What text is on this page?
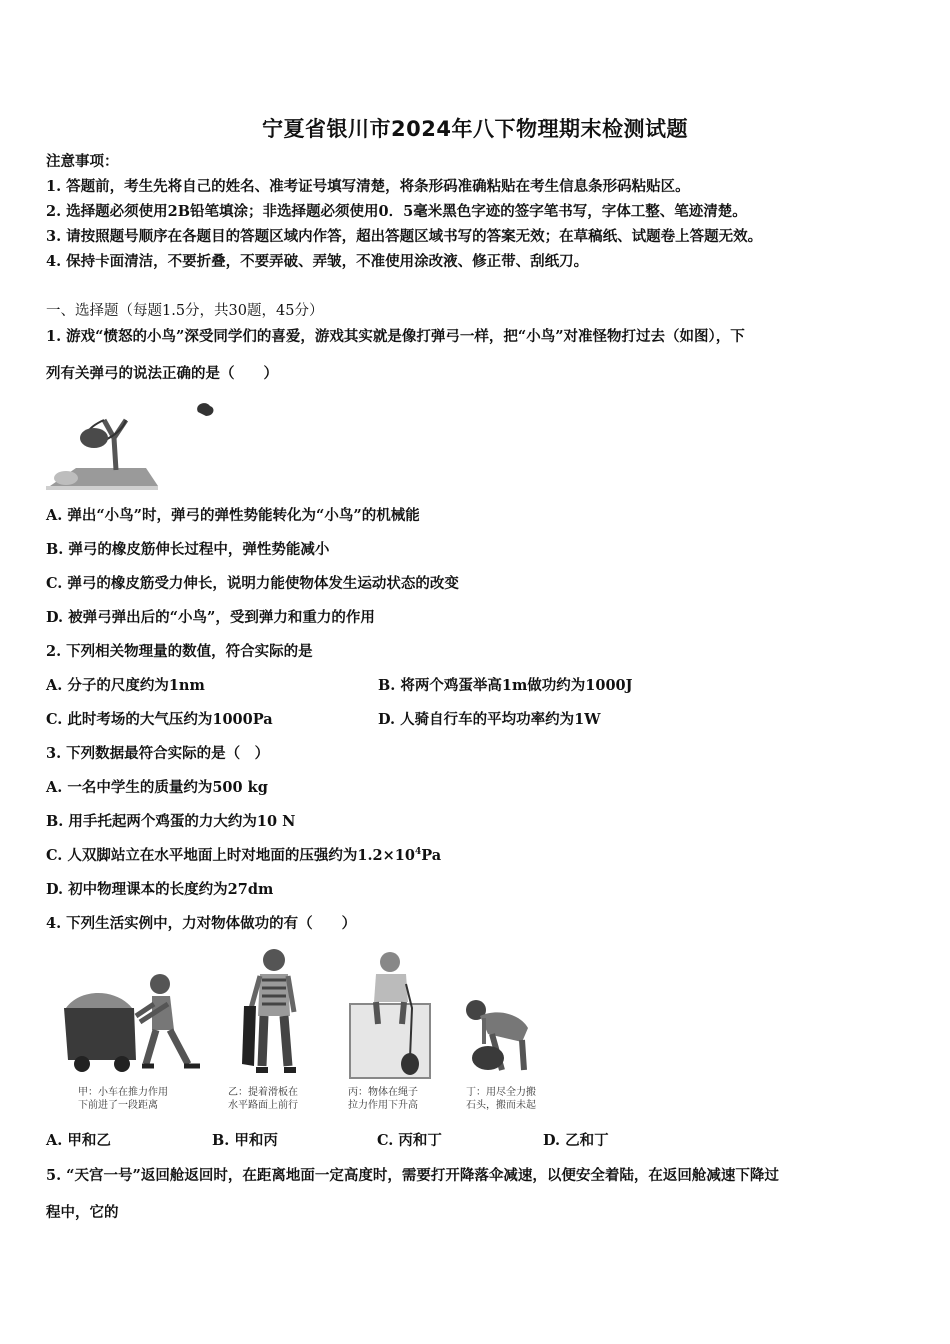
宁夏省银川市2024年八下物理期末检测试题
注意事项：
1. 答题前，考生先将自己的姓名、准考证号填写清楚，将条形码准确粘贴在考生信息条形码粘贴区。
2. 选择题必须使用2B铅笔填涂；非选择题必须使用0．5毫米黑色字迹的签字笔书写，字体工整、笔迹清楚。
3. 请按照题号顺序在各题目的答题区域内作答，超出答题区域书写的答案无效；在草稿纸、试题卷上答题无效。
4. 保持卡面清洁，不要折叠，不要弄破、弄皱，不准使用涂改液、修正带、刮纸刀。
一、选择题（每题1.5分，共30题，45分）
1. 游戏“愤怒的小鸟”深受同学们的喜爱，游戏其实就是像打弹弓一样，把“小鸟”对准怪物打过去（如图），下
列有关弹弓的说法正确的是（　　）
A. 弹出“小鸟”时，弹弓的弹性势能转化为“小鸟”的机械能
B. 弹弓的橡皮筋伸长过程中，弹性势能减小
C. 弹弓的橡皮筋受力伸长，说明力能使物体发生运动状态的改变
D. 被弹弓弹出后的“小鸟”，受到弹力和重力的作用
2. 下列相关物理量的数值，符合实际的是
A. 分子的尺度约为1nm	B. 将两个鸡蛋举高1m做功约为1000J
C. 此时考场的大气压约为1000Pa	D. 人骑自行车的平均功率约为1W
3. 下列数据最符合实际的是（　）
A. 一名中学生的质量约为500 kg
B. 用手托起两个鸡蛋的力大约为10 N
C. 人双脚站立在水平地面上时对地面的压强约为$1.2\times 10^4Pa$
D. 初中物理课本的长度约为27dm
4. 下列生活实例中，力对物体做功的有（　　）
甲：小车在推力作用
下前进了一段距离
乙：提着滑板在
水平路面上前行
丙：物体在绳子
拉力作用下升高
丁：用尽全力搬
石头，搬而未起
A. 甲和乙	B. 甲和丙	C. 丙和丁	D. 乙和丁
5. “天宫一号”返回舱返回时，在距离地面一定高度时，需要打开降落伞减速，以便安全着陆，在返回舱减速下降过
程中，它的
